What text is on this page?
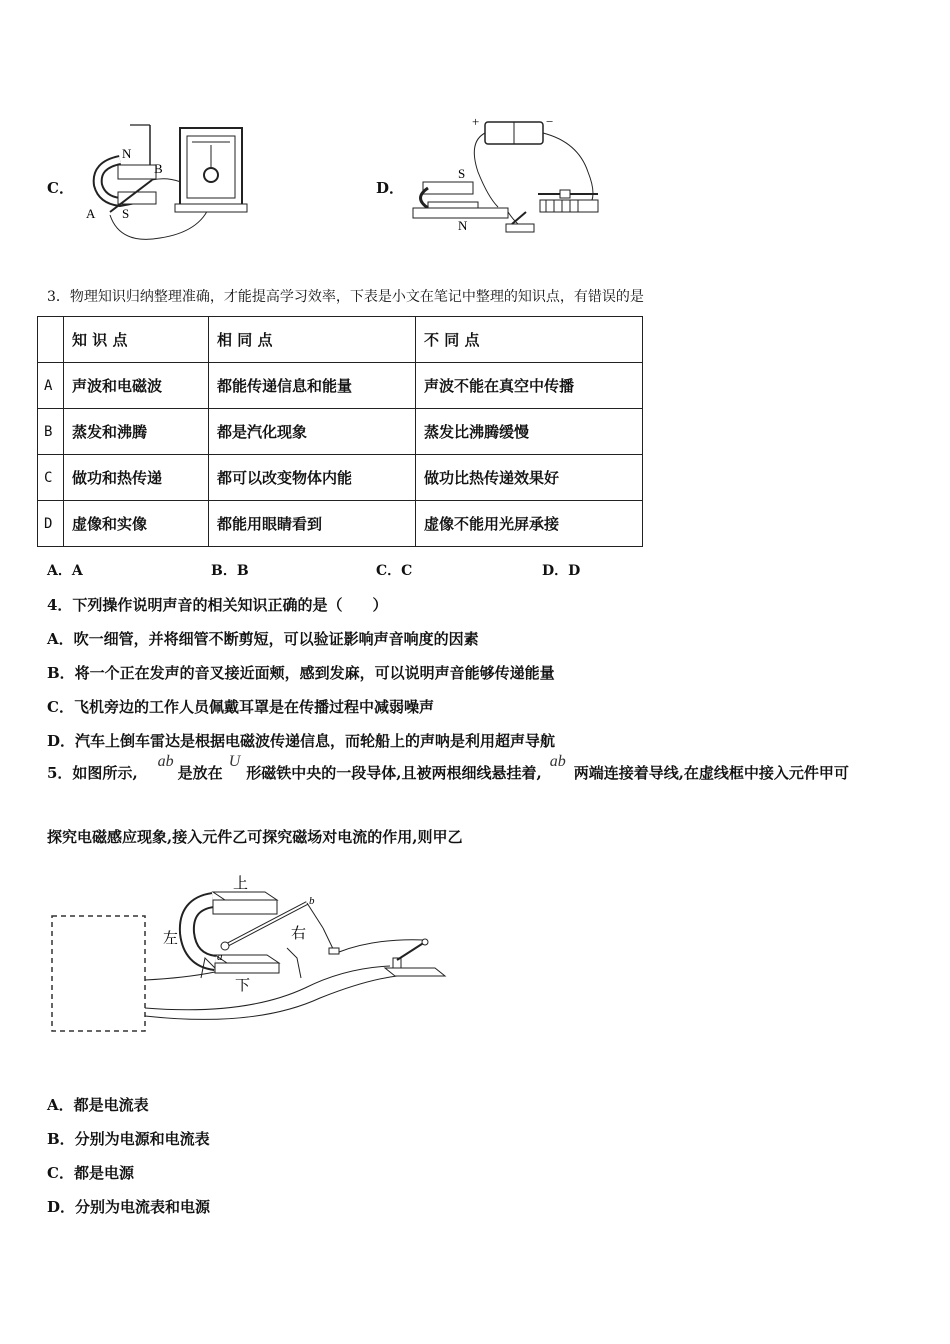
C．
N
B
A S
D．
+	−
S
N
3．物理知识归纳整理准确，才能提高学习效率，下表是小文在笔记中整理的知识点，有错误的是
	知 识 点	相 同 点	不 同 点
A	声波和电磁波	都能传递信息和能量	声波不能在真空中传播
B	蒸发和沸腾	都是汽化现象	蒸发比沸腾缓慢
C	做功和热传递	都可以改变物体内能	做功比热传递效果好
D	虚像和实像	都能用眼睛看到	虚像不能用光屏承接
A．A	B．B	C．C	D．D
4．下列操作说明声音的相关知识正确的是（　　）
A．吹一细管，并将细管不断剪短，可以验证影响声音响度的因素
B．将一个正在发声的音叉接近面颊，感到发麻，可以说明声音能够传递能量
C．飞机旁边的工作人员佩戴耳罩是在传播过程中减弱噪声
D．汽车上倒车雷达是根据电磁波传递信息，而轮船上的声呐是利用超声导航
5．如图所示,ab是放在U形磁铁中央的一段导体,且被两根细线悬挂着,ab两端连接着导线,在虚线框中接入元件甲可
探究电磁感应现象,接入元件乙可探究磁场对电流的作用,则甲乙
a
b
上
下
左	右
A．都是电流表
B．分别为电源和电流表
C．都是电源
D．分别为电流表和电源
